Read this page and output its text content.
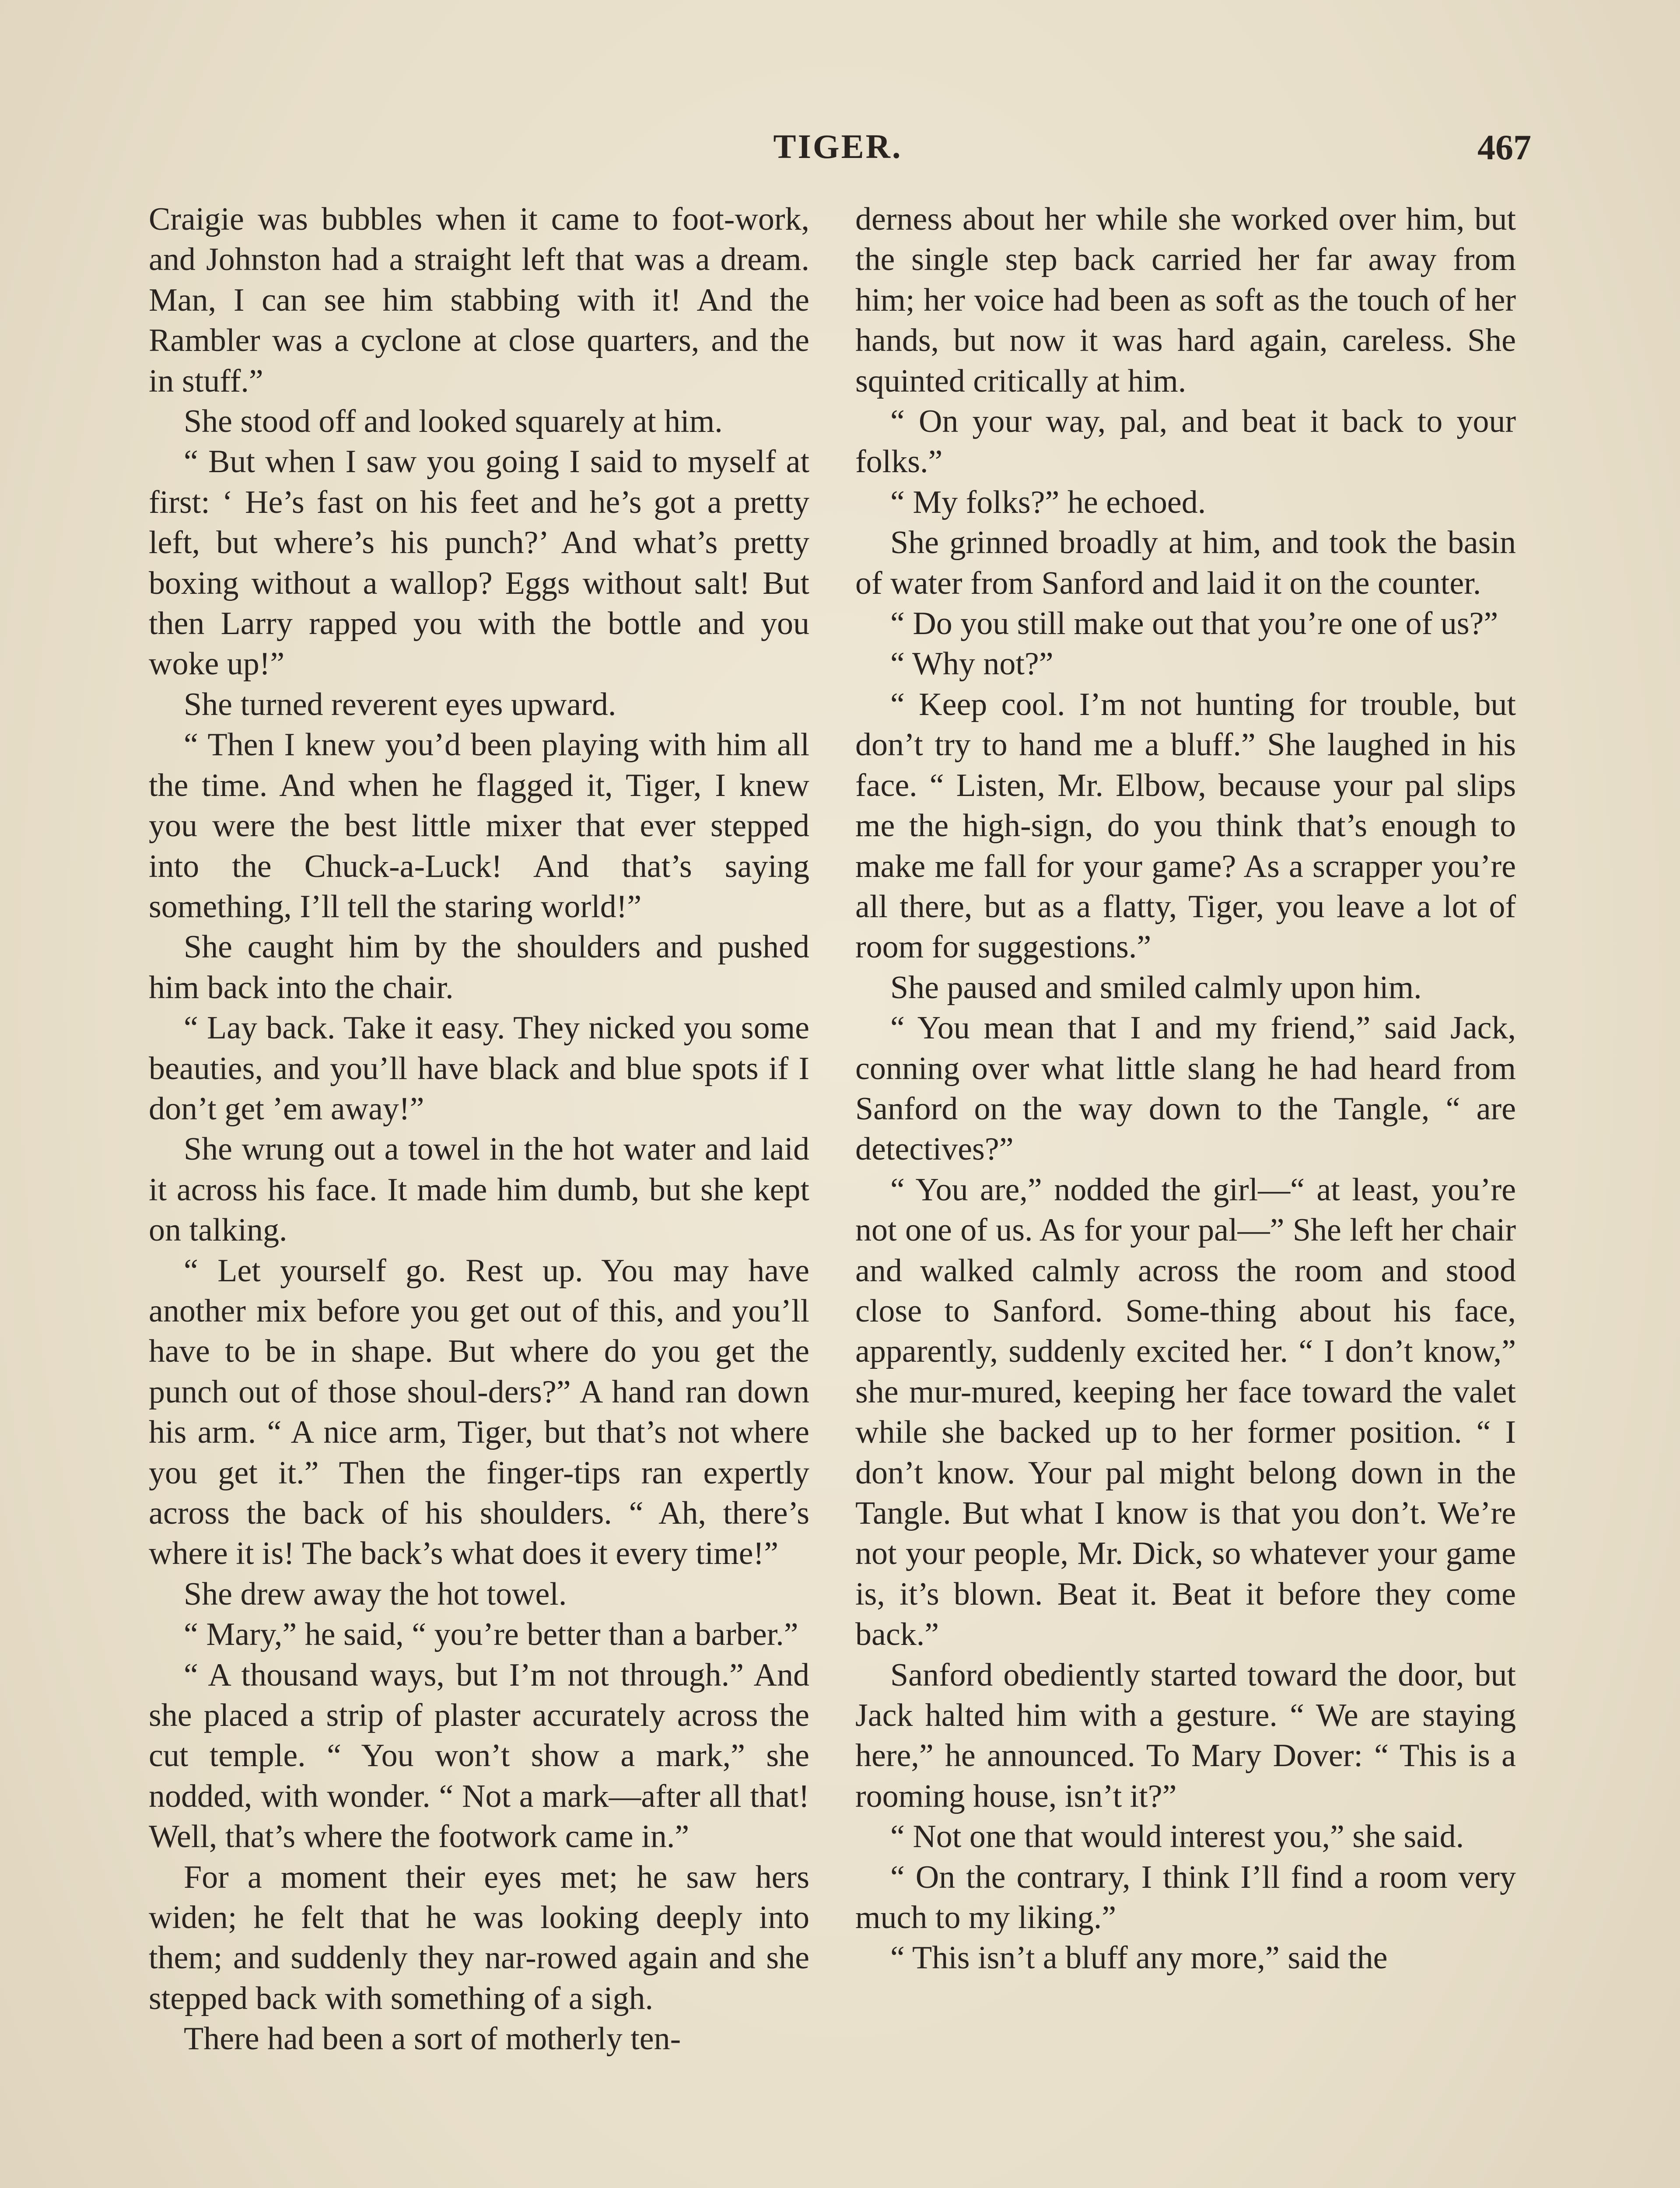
TIGER.	467

Craigie was bubbles when it came to foot-work, and Johnston had a straight left that was a dream. Man, I can see him stabbing with it! And the Rambler was a cyclone at close quarters, and the in stuff.”

She stood off and looked squarely at him.

“ But when I saw you going I said to myself at first: ‘ He’s fast on his feet and he’s got a pretty left, but where’s his punch?’ And what’s pretty boxing without a wallop? Eggs without salt! But then Larry rapped you with the bottle and you woke up!”

She turned reverent eyes upward.

“ Then I knew you’d been playing with him all the time. And when he flagged it, Tiger, I knew you were the best little mixer that ever stepped into the Chuck-a-Luck! And that’s saying something, I’ll tell the staring world!”

She caught him by the shoulders and pushed him back into the chair.

“ Lay back. Take it easy. They nicked you some beauties, and you’ll have black and blue spots if I don’t get ’em away!”

She wrung out a towel in the hot water and laid it across his face. It made him dumb, but she kept on talking.

“ Let yourself go. Rest up. You may have another mix before you get out of this, and you’ll have to be in shape. But where do you get the punch out of those shoul-ders?” A hand ran down his arm. “ A nice arm, Tiger, but that’s not where you get it.” Then the finger-tips ran expertly across the back of his shoulders. “ Ah, there’s where it is! The back’s what does it every time!”

She drew away the hot towel.

“ Mary,” he said, “ you’re better than a barber.”

“ A thousand ways, but I’m not through.” And she placed a strip of plaster accurately across the cut temple. “ You won’t show a mark,” she nodded, with wonder. “ Not a mark—after all that! Well, that’s where the footwork came in.”

For a moment their eyes met; he saw hers widen; he felt that he was looking deeply into them; and suddenly they nar-rowed again and she stepped back with something of a sigh.

There had been a sort of motherly ten-

derness about her while she worked over him, but the single step back carried her far away from him; her voice had been as soft as the touch of her hands, but now it was hard again, careless. She squinted critically at him.

“ On your way, pal, and beat it back to your folks.”

“ My folks?” he echoed.

She grinned broadly at him, and took the basin of water from Sanford and laid it on the counter.

“ Do you still make out that you’re one of us?”

“ Why not?”

“ Keep cool. I’m not hunting for trouble, but don’t try to hand me a bluff.” She laughed in his face. “ Listen, Mr. Elbow, because your pal slips me the high-sign, do you think that’s enough to make me fall for your game? As a scrapper you’re all there, but as a flatty, Tiger, you leave a lot of room for suggestions.”

She paused and smiled calmly upon him.

“ You mean that I and my friend,” said Jack, conning over what little slang he had heard from Sanford on the way down to the Tangle, “ are detectives?”

“ You are,” nodded the girl—“ at least, you’re not one of us. As for your pal—” She left her chair and walked calmly across the room and stood close to Sanford. Some-thing about his face, apparently, suddenly excited her. “ I don’t know,” she mur-mured, keeping her face toward the valet while she backed up to her former position. “ I don’t know. Your pal might belong down in the Tangle. But what I know is that you don’t. We’re not your people, Mr. Dick, so whatever your game is, it’s blown. Beat it. Beat it before they come back.”

Sanford obediently started toward the door, but Jack halted him with a gesture. “ We are staying here,” he announced. To Mary Dover: “ This is a rooming house, isn’t it?”

“ Not one that would interest you,” she said.

“ On the contrary, I think I’ll find a room very much to my liking.”

“ This isn’t a bluff any more,” said the
